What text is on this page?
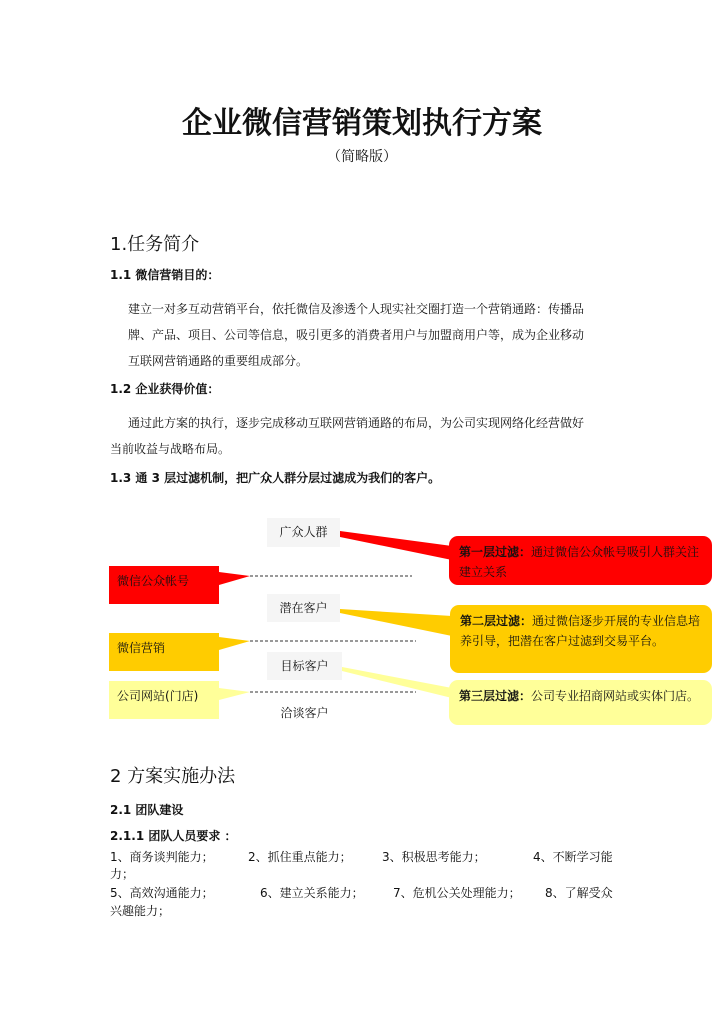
企业微信营销策划执行方案
（简略版）
1.任务简介
1.1 微信营销目的：
建立一对多互动营销平台，依托微信及渗透个人现实社交圈打造一个营销通路：传播品
牌、产品、项目、公司等信息，吸引更多的消费者用户与加盟商用户等，成为企业移动
互联网营销通路的重要组成部分。
1.2 企业获得价值：
通过此方案的执行，逐步完成移动互联网营销通路的布局，为公司实现网络化经营做好
当前收益与战略布局。
1.3 通 3 层过滤机制，把广众人群分层过滤成为我们的客户。
广众人群
潜在客户
目标客户
洽谈客户
微信公众帐号
微信营销
公司网站(门店)
第一层过滤：通过微信公众帐号吸引人群关注建立关系
第二层过滤：通过微信逐步开展的专业信息培养引导，把潜在客户过滤到交易平台。
第三层过滤：公司专业招商网站或实体门店。
2 方案实施办法
2.1 团队建设
2.1.1 团队人员要求 ：
1、商务谈判能力；	2、抓住重点能力；	3、积极思考能力；	4、不断学习能
力；
5、高效沟通能力；	6、建立关系能力； 7、危机公关处理能力； 8、了解受众
兴趣能力；
